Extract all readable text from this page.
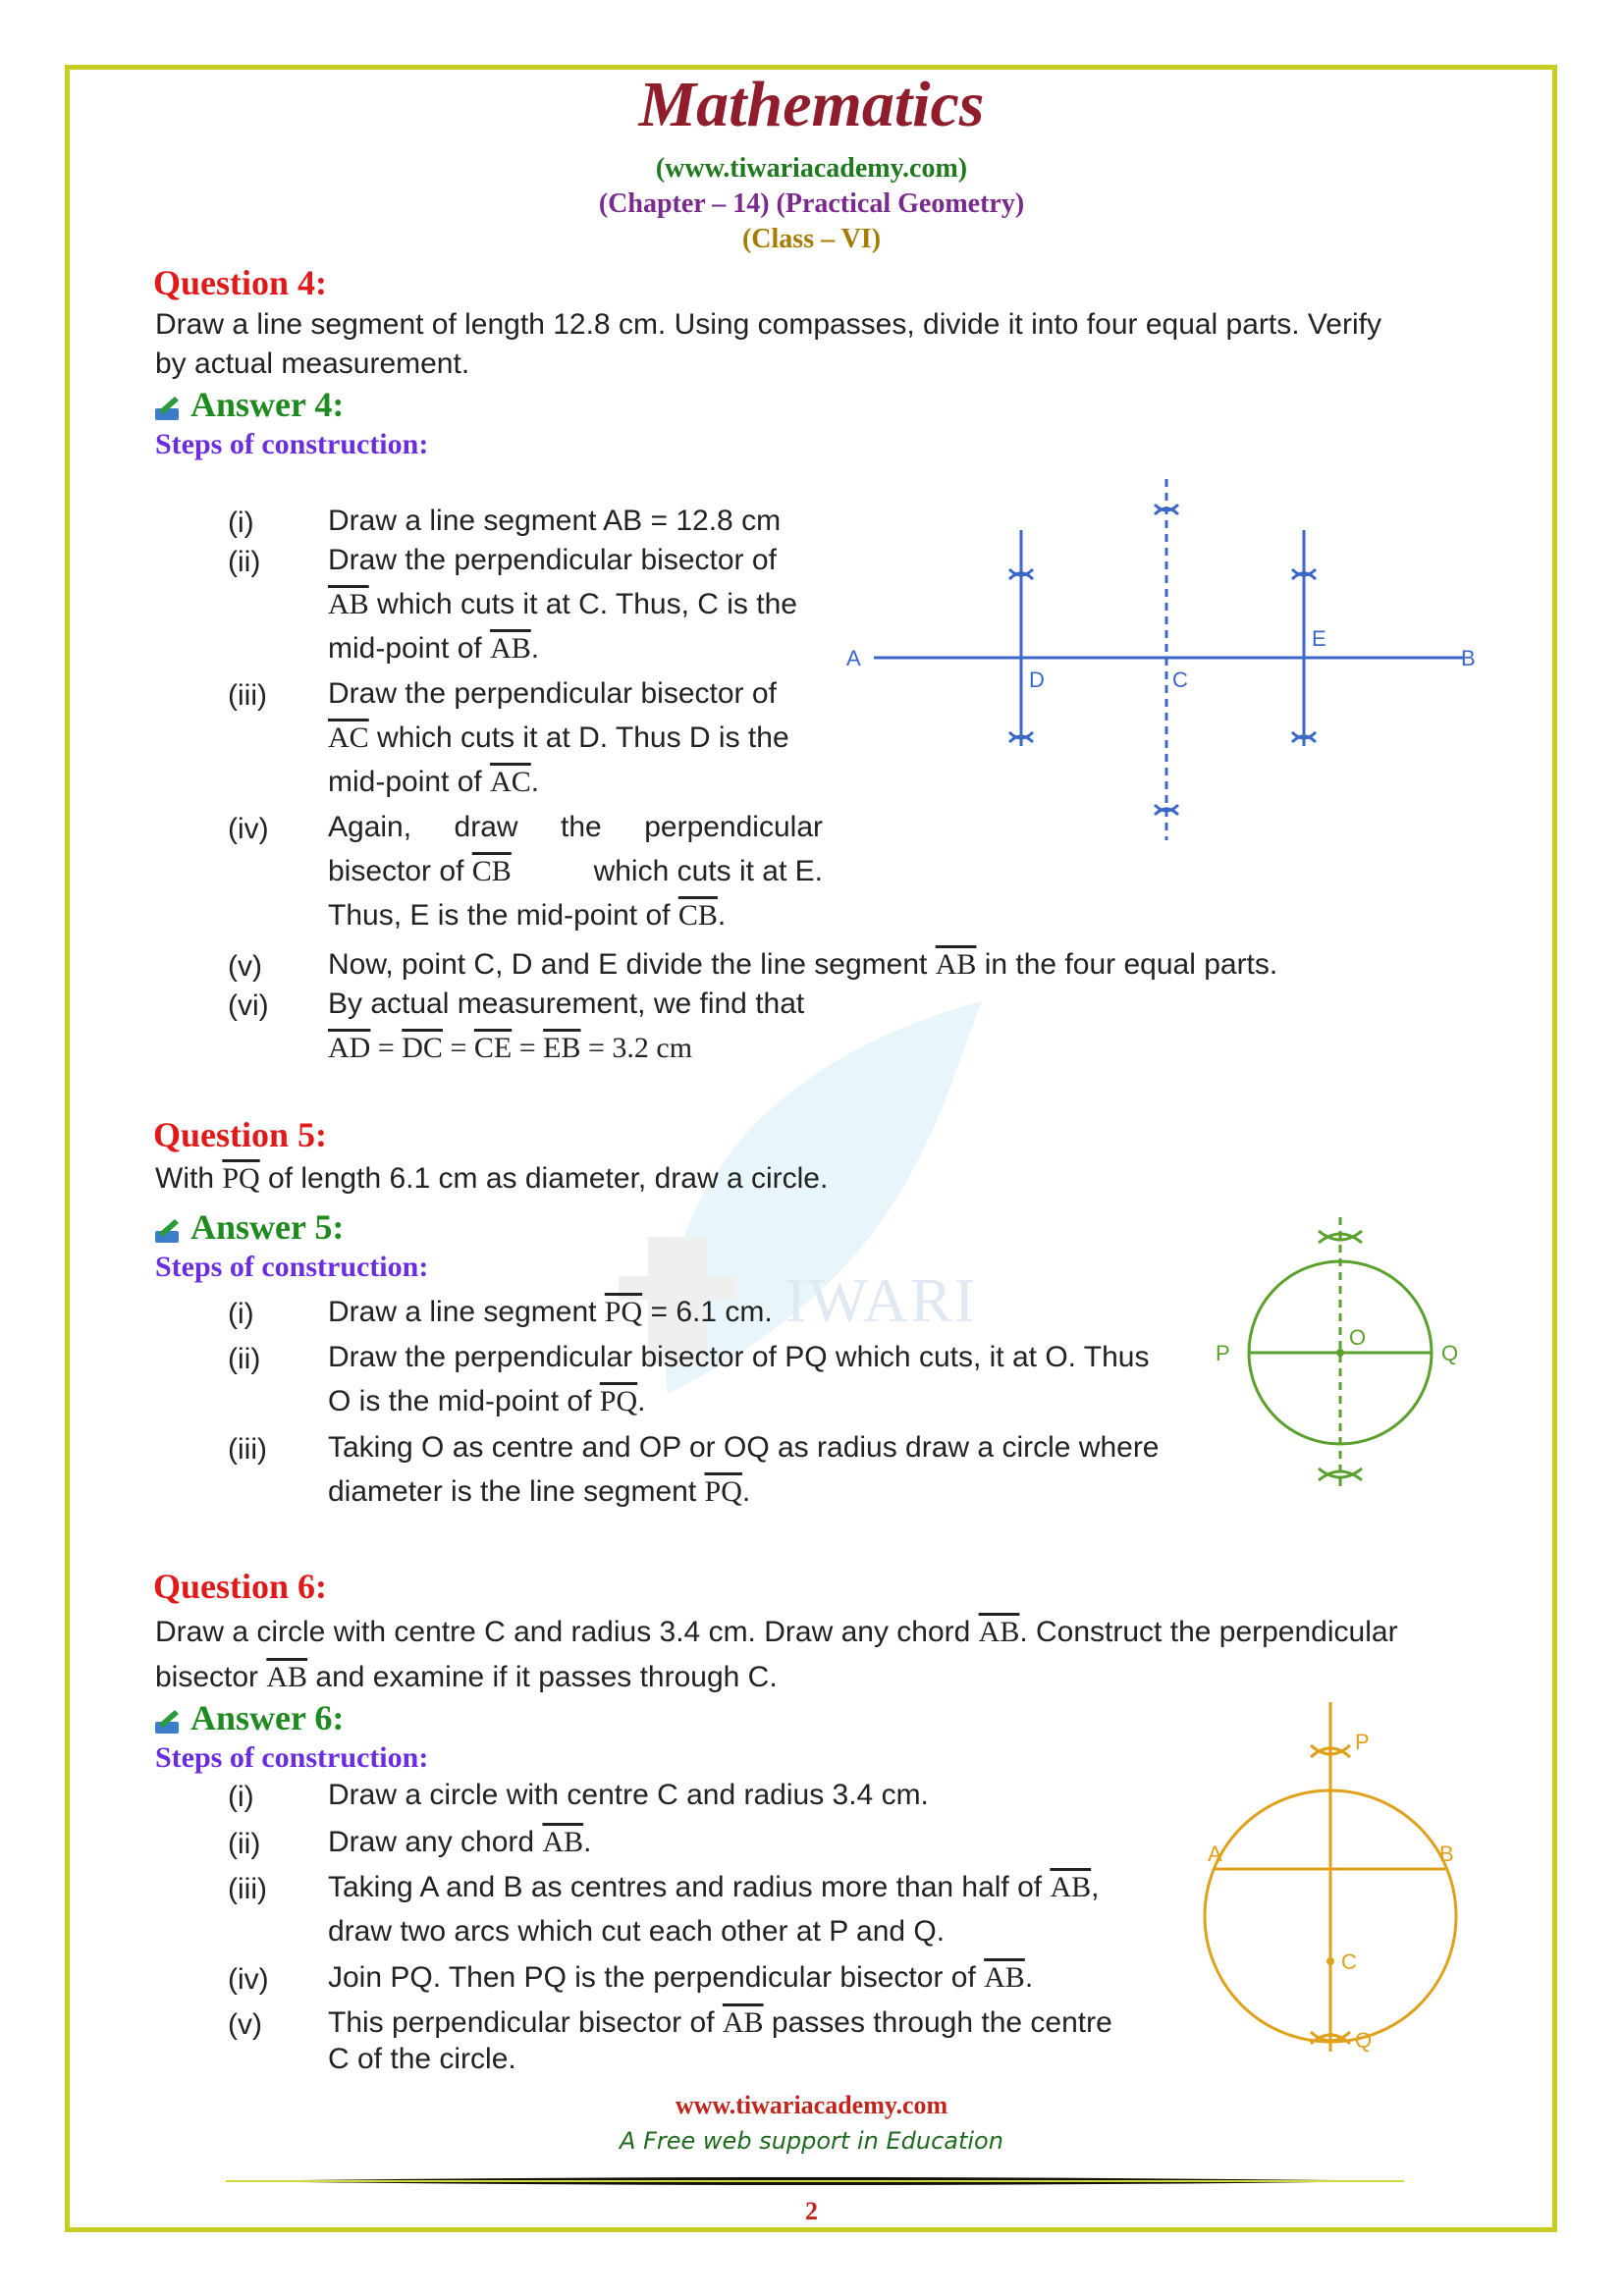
IWARI
Mathematics
(www.tiwariacademy.com)
(Chapter – 14) (Practical Geometry)
(Class – VI)
Question 4:
Draw a line segment of length 12.8 cm. Using compasses, divide it into four equal parts. Verify
by actual measurement.
Answer 4:
Steps of construction:
(i)	Draw a line segment AB = 12.8 cm
(ii) Draw the perpendicular bisector of
$\overline{AB}$ which cuts it at C. Thus, C is the
mid-point of $\overline{AB}$.
(iii) Draw the perpendicular bisector of
$\overline{AC}$ which cuts it at D. Thus D is the
mid-point of $\overline{AC}$.
(iv) Again, draw the perpendicular
bisector of $\overline{CB}$	which cuts it at E.
Thus, E is the mid-point of $\overline{CB}$.
(v) Now, point C, D and E divide the line segment $\overline{AB}$ in the four equal parts.
(vi) By actual measurement, we find that
$\overline{AD} = \overline{DC} = \overline{CE} = \overline{EB} = 3.2$ cm
A	B
D	C
E
Question 5:
With $\overline{PQ}$ of length 6.1 cm as diameter, draw a circle.
Answer 5:
Steps of construction:
(i)	Draw a line segment $\overline{PQ} = 6.1$ cm.
(ii) Draw the perpendicular bisector of PQ which cuts, it at O. Thus
O is the mid-point of $\overline{PQ}$.
(iii) Taking O as centre and OP or OQ as radius draw a circle where
diameter is the line segment $\overline{PQ}$.
P	Q
O
Question 6:
Draw a circle with centre C and radius 3.4 cm. Draw any chord $\overline{AB}$. Construct the perpendicular
bisector $\overline{AB}$ and examine if it passes through C.
Answer 6:
Steps of construction:
(i)	Draw a circle with centre C and radius 3.4 cm.
(ii) Draw any chord $\overline{AB}$.
(iii) Taking A and B as centres and radius more than half of $\overline{AB}$,
draw two arcs which cut each other at P and Q.
(iv) Join PQ. Then PQ is the perpendicular bisector of $\overline{AB}$.
(v) This perpendicular bisector of $\overline{AB}$ passes through the centre
C of the circle.
A	B
C
P
Q
www.tiwariacademy.com
A Free web support in Education
2
